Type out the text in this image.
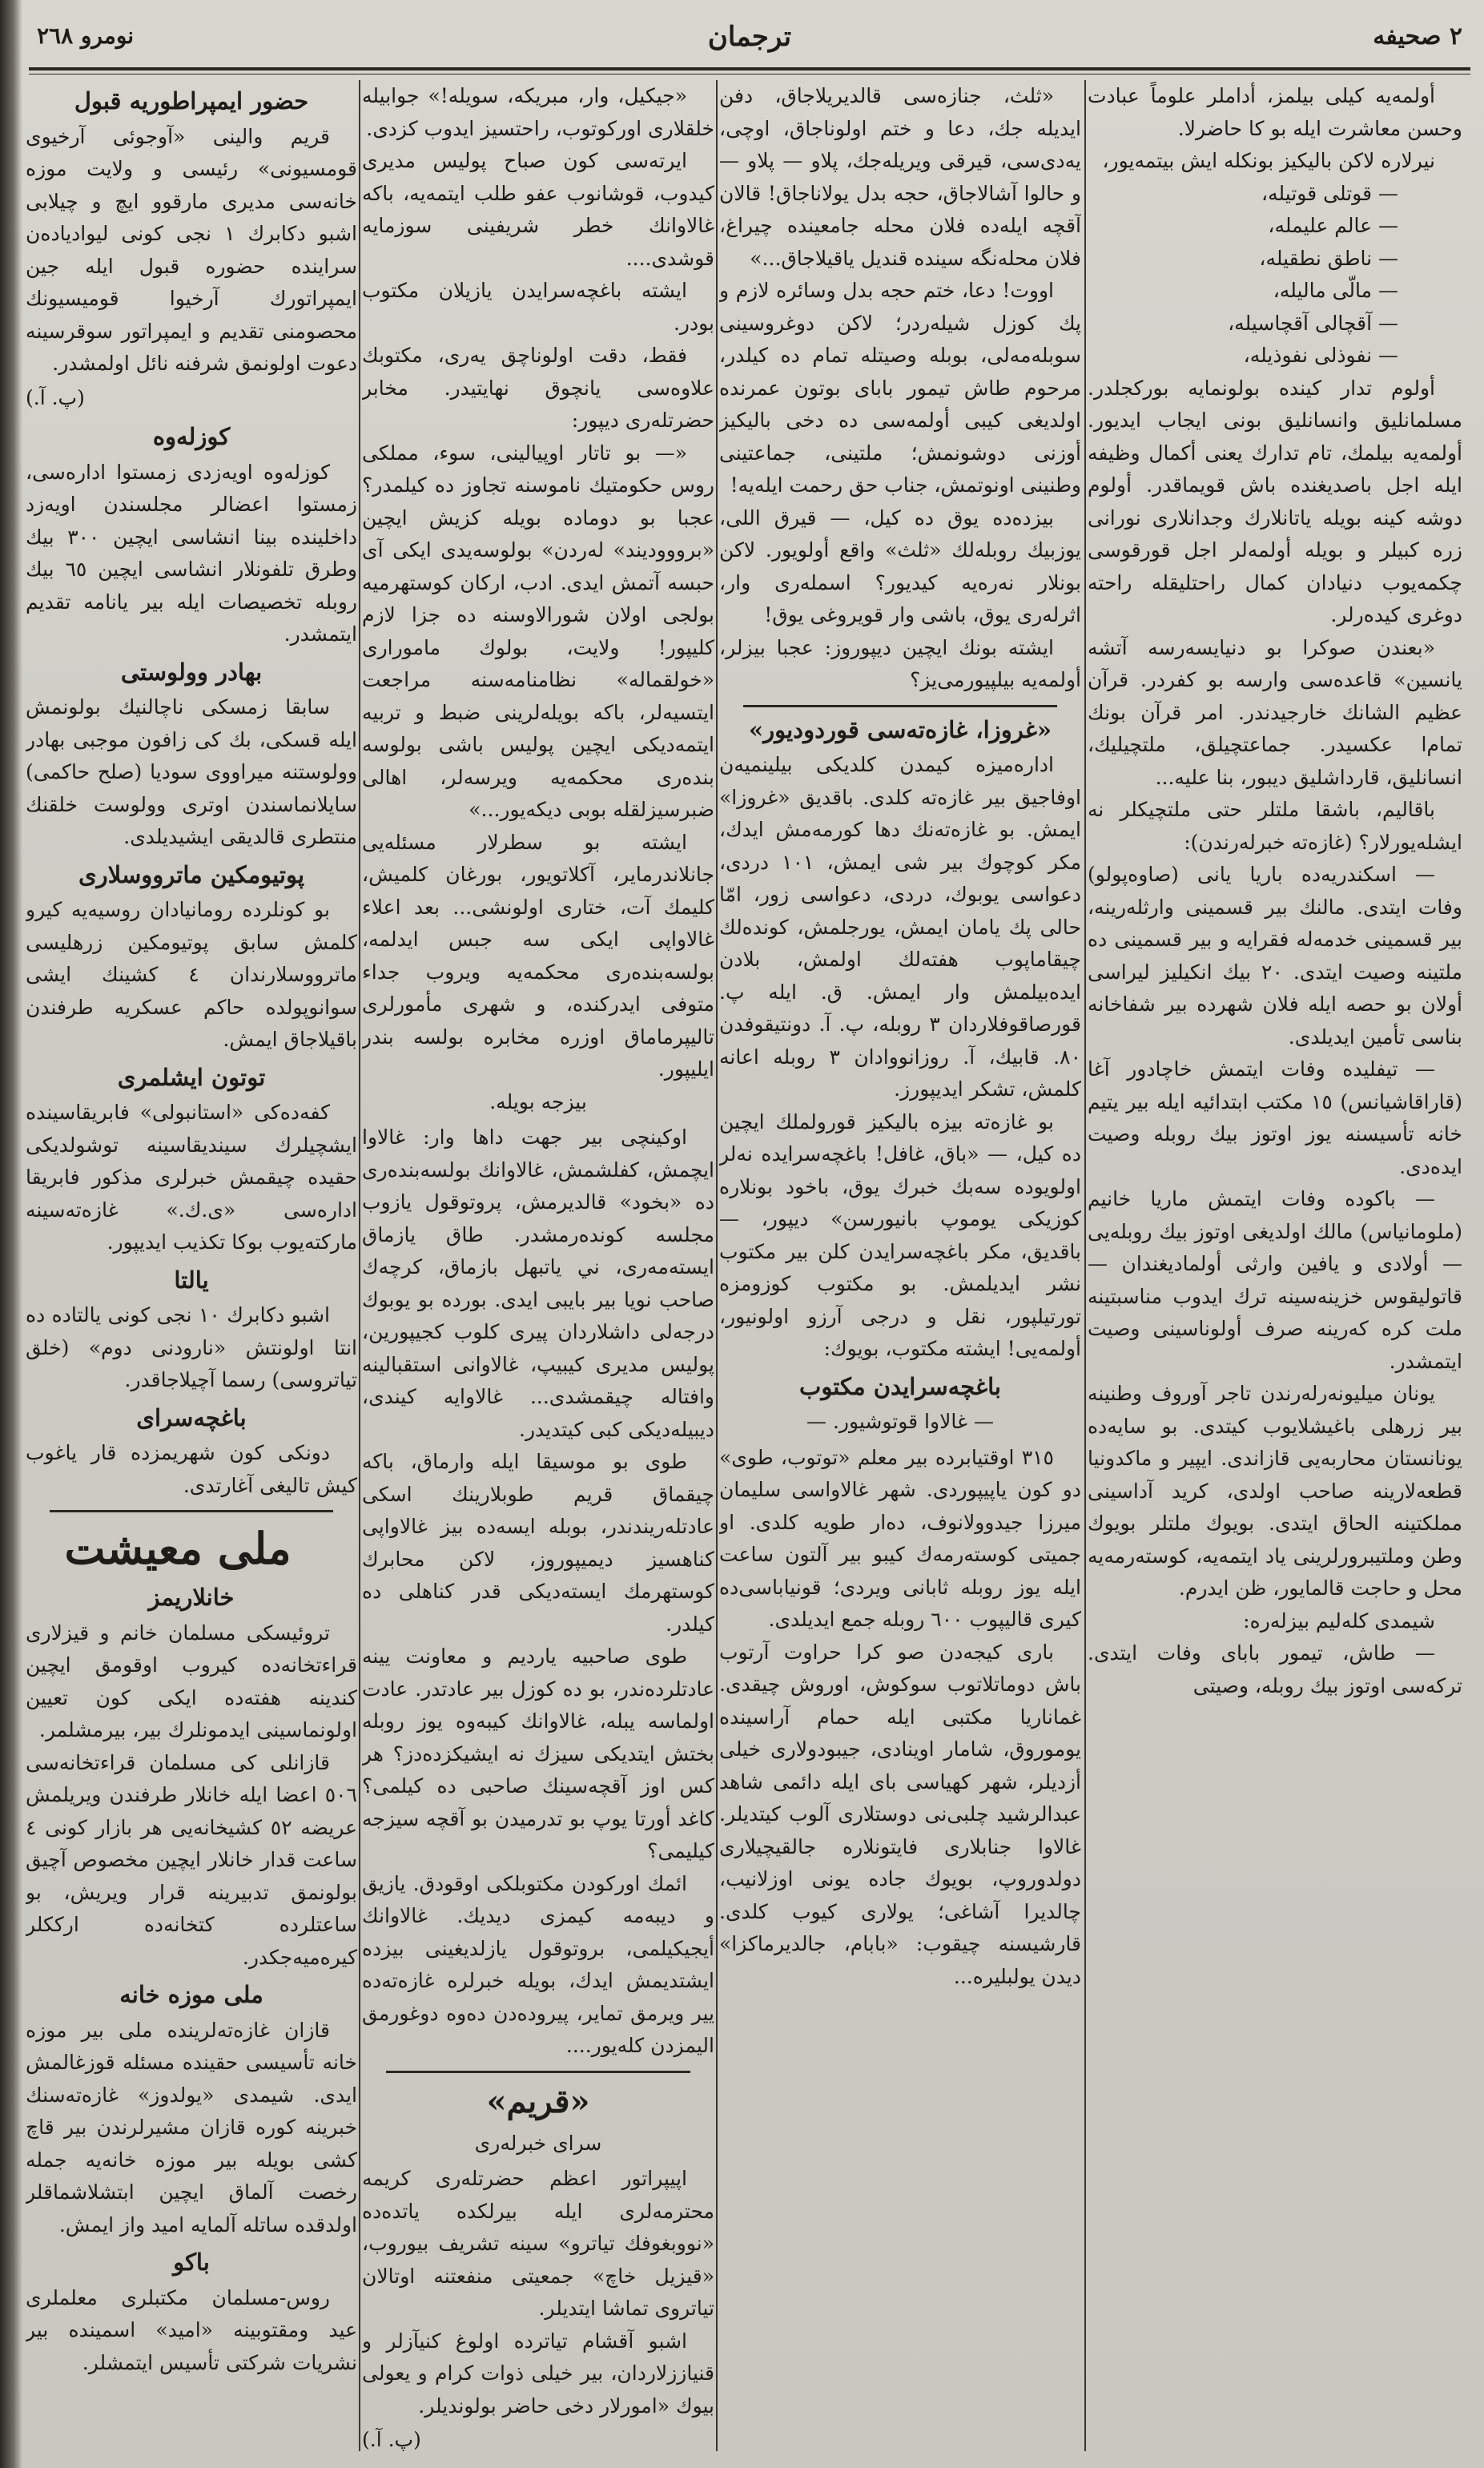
٢ صحيفه
ترجمان
نومرو ٢٦٨

أولمه‌يه كيلی بيلمز، أداملر علوماً عبادت وحسن معاشرت ايله بو كا حاضرلا.

نيرلاره لاكن باليكيز بونكله ايش بيتمه‌يور،

— قوتلی قوتيله،

— عالم عليمله،

— ناطق نطقيله،

— مالّی ماليله،

— آقچالی آقچاسيله،

— نفوذلی نفوذيله،

أولوم تدار كينده بولونمايه بوركجلدر. مسلمانليق وانسانليق بونی ايجاب ايديور. أولمه‌يه بيلمك، تام تدارك يعنی أكمال وظيفه ايله اجل باصديغنده باش قويماقدر. أولوم دوشه كينه بويله ياتانلارك وجدانلاری نورانی زره كبيلر و بويله أولمه‌لر اجل قورقوسی چكمه‌يوب دنيادان كمال راحتليقله راحته دوغری كيده‌رلر.

«بعندن صوكرا بو دنيا‌يسه‌رسه آتشه يانسين» قاعده‌سی وارسه بو كفردر. قرآن عظيم الشانك خارجيدندر. امر قرآن بونك تمام‌ا عكسيدر. جماعتچيلق، ملتچيليك، انسانليق، قارداشليق ديبور، بنا عليه...

باقاليم، باشقا ملتلر حتی ملتچيكلر نه ايشله‌يورلار؟ (غازه‌ته خبرله‌رندن):

— اسكندريه‌ده باريا يانی (صاوه‌پولو) وفات ايتدی. مالنك بير قسمينی وارثله‌رينه، بير قسمينی خدمه‌له فقرايه و بير قسمينی ده ملتينه وصيت ايتدی. ٢٠ بيك انكيليز ليراسی أولان بو حصه ايله فلان شهرده بير شفاخانه بناسی تأمين ايديلدی.

— تيفليده وفات ايتمش خاچادور آغا (قاراقاشيانس) ١٥ مكتب ابتدائيه ايله بير يتيم خانه تأسيسنه يوز اوتوز بيك روبله وصيت ايده‌دی.

— باكوده وفات ايتمش ماريا خانيم (ملومانياس) مالك اولديغی اوتوز بيك روبله‌يی — أولادی و يافين وارثی أولماديغندان — قاتوليقوس خزينه‌سينه ترك ايدوب مناسبتينه ملت كره كه‌رينه صرف أولوناسينی وصيت ايتمشدر.

يونان ميليونه‌رله‌رندن تاجر آوروف وطنينه بير زرهلی باغيشلايوب كيتدی. بو سايه‌ده يونانستان محاربه‌يی قازاندی. ايپير و ماكدونيا قطعه‌لارينه صاحب اولدی، كريد آداسينی مملكتينه الحاق ايتدی. بويوك ملتلر بويوك وطن وملتيبرورلرينی ياد ايتمه‌يه، كوسته‌رمه‌يه محل و حاجت قالمايور، ظن ايدرم.

شيمدی كله‌ليم بيزله‌ره:

— طاش، تيمور بابای وفات ايتدی. تركه‌سی اوتوز بيك روبله، وصيتی

«ثلث، جنازه‌سی قالديريلاجاق، دفن ايديله جك، دعا و ختم اولوناجاق، اوچی، يه‌دی‌سی، قيرقی ويريله‌جك، پلاو — پلاو — و حالوا آشالاجاق، حجه بدل يولاناجاق! قالان آقچه ايله‌ده فلان محله جامعينده چيراغ، فلان محله‌نگه سينده قنديل ياقيلاجاق...»

اووت! دعا، ختم حجه بدل وسائره لازم و پك كوزل شيله‌ردر؛ لاكن دوغروسينی سوبله‌مه‌لی، بوبله وصيتله تمام ده كيلدر، مرحوم طاش تيمور بابای بوتون عمرنده اولديغی كيبی أولمه‌سی ده دخی باليكيز أوزنی دوشونمش؛ ملتينی، جماعتينی وطنينی اونوتمش، جناب حق رحمت ايله‌يه!

بيزده‌ده يوق ده كيل، — قيرق اللی، يوزبيك روبله‌لك «ثلث» واقع أولويور. لاكن بونلار نه‌ره‌يه كيديور؟ اسمله‌ری وار، اثرله‌ری يوق، باشی وار قويروغی يوق!

ايشته بونك ايچين ديپوروز: عجبا بيزلر، أولمه‌يه بيلپيورمی‌يز؟

«غروزا، غازه‌ته‌سی قوردوديور»

اداره‌ميزه كيمدن كلديكی بيلينميه‌ن اوفاجيق بير غازه‌ته كلدی. باقديق «غروزا» ايمش. بو غازه‌ته‌نك دها كورمه‌مش ايدك، مكر كوچوك بير شی ايمش، ١٠١ دردی، دعواسی يوبوك، دردی، دعواسی زور، امّا حالی پك يامان ايمش، يورجلمش، كونده‌لك چيقاماپوب هفته‌لك اولمش، بلادن ايده‌بيلمش وار ايمش. ق. ايله پ. قورصاقوفلاردان ٣ روبله، پ. آ. دونتيقوفدن ٨٠. قابيك، آ. روزانووادان ٣ روبله اعانه كلمش، تشكر ايديپورز.

بو غازه‌ته بيزه باليكيز قورولملك ايچين ده كيل، — «باق، غافل! باغچه‌سرايده نه‌لر اولويوده سه‌بك خبرك يوق، باخود بونلاره كوزيكی يوموپ بانيورسن» ديپور، — باقديق، مكر باغچه‌سرايدن كلن بير مكتوب نشر ايديلمش. بو مكتوب كوزومزه تورتيلپور، نقل و درجی آرزو اولونيور، أولمه‌يی! ايشته مكتوب، بويوك:

باغچه‌سرايدن مكتوب

— غالاوا قوتوشيور. —

٣١٥ اوقتيابرده بير معلم «توتوب، طوی» دو كون ياپيپوردی. شهر غالاواسی سليمان ميرزا جيدوولانوف، ده‌ار طويه كلدی. او جميتی كوسته‌رمه‌ك كيبو بير آلتون ساعت ايله يوز روبله ثابانی ويردی؛ قونياباسی‌ده كيری قاليپوب ٦٠٠ روبله جمع ايديلدی.

باری كيجه‌دن صو كرا حراوت آرتوب باش دوماتلاتوب سوكوش، اوروش چيقدی. غماناريا مكتبی ايله حمام آراسينده يوموروق، شامار اوينادی، جيبودولارى خيلی أزديلر، شهر كهياسی بای ايله دائمی شاهد عبدالرشيد چلبی‌نی دوستلاری آلوب كيتديلر. غالاوا جنابلاری فايتونلاره جالقيچيلاری دولدوروپ، بويوك جاده يونی اوزلانيب، چالديرا آشاغی؛ يولاری كيوب كلدی. قارشيسنه چيقوب: «بابام، جالديرماكزا» ديدن يولبليره...

«جيكيل، وار، مبريكه، سويله!» جوابيله خلقلاری اوركوتوب، راحتسيز ايدوب كزدی.

ايرته‌سی كون صباح پوليس مديری كيدوب، قوشانوب عفو طلب ايتمه‌يه، باكه غالاوانك خطر شريفينی سوزمايه قوشدی....

ايشته باغچه‌سرايدن يازيلان مكتوب بودر.

فقط، دقت اولوناچق يه‌ری، مكتوبك علاوه‌سی يانچوق نهايتيدر. مخابر حضرتله‌ری ديپور:

«— بو تاتار اوپيالينی، سوء، مملكی روس حكومتيك ناموسنه تجاوز ده كيلمدر؟ عجبا بو دوماده بويله كزيش ايچين «بروووديند» له‌ردن» بولوسه‌يدی ايكی آی حبسه آتمش ايدی. ادب، اركان كوستهرميه بولجی اولان شورالاوسنه ده جزا لازم كليپور! ولايت، بولوك ماموراری «خولقماله» نظامنامه‌سنه مراجعت ايتسيه‌لر، باكه بويله‌لرينی ضبط و تربيه ايتمه‌ديكی ايچين پوليس باشی بولوسه بنده‌ری محكمه‌يه ويرسه‌لر، اهالی ضبرسيزلقله بوبی ديكه‌يور...»

ايشته بو سطرلار مسئله‌يی جانلاندرماير، آكلاتويور، بورغان كلميش، كليمك آت، ختاری اولونشی... بعد اعلاء غالاواپی ايكی سه جبس ايدلمه، بولسه‌بنده‌ری محكمه‌يه ويروب جداء متوفی ايدركنده، و شهری مأمورلری تاليپرماماق اوزره مخابره بولسه بندر ايليپور.

بيزجه بويله.

اوكينچی بير جهت داها وار: غالاوا ايچمش، كفلشمش، غالاوانك بولسه‌بنده‌ری ده «بخود» قالديرمش، پروتوقول يازوب مجلسه كونده‌رمشدر. طاق يازماق ايسته‌مه‌ری، ني ياتبهل بازماق، كرچه‌ك صاحب نويا بير بايبی ايدی. بورده بو يوبوك درجه‌لی داشلاردان پيری كلوب كجيپورين، پوليس مديری كيبيپ، غالاوانی استقبالينه وافتاله چيقمشدی... غالاوايه كيندی، ديبيله‌ديکی كبی كيتديدر.

طوی بو موسيقا ايله وارماق، باكه چيقماق قريم طوبلارينك اسكی عادتله‌ريندندر، بوبله ايسه‌ده بيز غالاواپی كناهسيز ديميپوروز، لاكن محابرك كوستهرمك ايسته‌ديكی قدر كناهلی ده كيلدر.

طوی صاحبيه يارديم و معاونت يينه عادتلرده‌ندر، بو ده كوزل بير عادتدر. عادت اولماسه يبله، غالاوانك كيبه‌وه يوز روبله بختش ايتديكی سيزك نه ايشيكزده‌دز؟ هر كس اوز آقچه‌سينك صاحبی ده كيلمی؟ كاغد أورتا يوپ بو تدرميدن بو آقچه سيزجه كيليمی؟

ائمك اوركودن مكتوبلكی اوقودق. يازيق و ديبه‌مه كيمزی ديديك. غالاوانك أيجيكيلمی، بروتوقول يازلديغينی بيزده ايشتديمش ايدك، بويله خبرلره غازه‌ته‌ده يير ويرمق تماير، پيروده‌دن ده‌وه دوغورمق اليمزدن كله‌يور....

«قريم»

سرای خبرله‌ری

اپيپراتور اعظم حضرتله‌ری كريمه محترمه‌لری ايله بيرلكده ياتده‌ده «نووبغوفك تياترو» سينه تشريف بيوروب، «قيزيل خاچ» جمعيتی منفعتنه اوتالان تياتروی تماشا ايتديلر.

اشبو آقشام تياترده اولوغ كنيآزلر و قنياززلاردان، بير خيلی ذوات كرام و يعولی بيوك «امورلار دخی حاضر بولونديلر.

(پ. آ.)

حضور ايمپراطوريه قبول

قريم والينی «آوجوئی آرخيوی قومسيونی» رئيسی و ولايت موزه خانه‌سی مديری مارقوو ايچ و چيلابی اشبو دكابرك ١ نجی كونی ليوادياده‌ن سراينده حضوره قبول ايله جين ايمپراتورك آرخيوا قوميسيونك محصومنی تقديم و ايمپراتور سوقرسينه دعوت اولونمق شرفنه نائل اولمشدر.

(پ. آ.)

كوزله‌وه

كوزله‌وه اويه‌زدی زمستوا اداره‌سی، زمستوا اعضالر مجلسندن اويه‌زد داخلينده بينا انشاسی ايچين ٣٠٠ بيك وطرق تلفونلار انشاسی ايچين ٦٥ بيك روبله تخصيصات ايله بير يانامه تقديم ايتمشدر.

بهادر وولوستی

سابقا زمسكی ناچالنيك بولونمش ايله قسكی، بك كی زافون موجبی بهادر وولوستنه ميراووی سوديا (صلح حاكمی) سايلانماسندن اوتری وولوست خلقنك منتطری قالديقی ايشيديلدی.

پوتيومكين ماترووسلارى

بو كونلرده رومانيادان روسيه‌يه كيرو كلمش سابق پوتيومكين زرهليسی ماترووسلارندان ٤ كشينك ايشی سوانوپولده حاكم عسكريه طرفندن باقيلاجاق ايمش.

توتون ايشلمری

كفه‌ده‌كی «استانبولی» فابريقاسينده ايشچيلرك سينديقاسينه توشولديكی حقيده چيقمش خبرلری مذكور فابريقا اداره‌سی «ى.ك.» غازه‌ته‌سينه ماركته‌يوب بوكا تكذيب ايديپور.

يالتا

اشبو دكابرك ١٠ نجی كونی يالتاده ده انتا اولونتش «نارودنی دوم» (خلق تياتروسی) رسما آچيلاجاقدر.

باغچه‌سرای

دونكی كون شهريمزده قار ياغوب كيش تاليغی آغارتدی.

ملی معيشت

خانلاريمز

تروئيسكی مسلمان خانم و قيزلاری قراءتخانه‌ده كيروب اوقومق ايچين كندينه هفته‌ده ايكی كون تعيين اولونماسينی ايدمونلرك بير، بيرمشلمر.

قازانلی كی مسلمان قراءتخانه‌سی ٥٠٦ اعضا ايله خانلار طرفندن ويريلمش عريضه ٥٢ كشيخانه‌يی هر بازار كونی ٤ ساعت قدار خانلار ايچين مخصوص آچيق بولونمق تدبيرينه قرار ويريش، بو ساعتلرده كتخانه‌ده ارككلر كيره‌ميه‌جكدر.

ملی موزه خانه

قازان غازه‌ته‌لرينده ملی بير موزه خانه تأسيسی حقينده مسئله قوزغالمش ايدی. شيمدی «يولدوز» غازه‌ته‌سنك خبرينه كوره قازان مشيرلرندن بير قاچ كشی بويله بير موزه خانه‌يه جمله رخصت آلماق ايچين ابتشلاشماقلر اولدقده ساتله آلمايه اميد واز ايمش.

باكو

روس-مسلمان مكتبلری معلملری عيد ومقتوبينه «اميد» اسمينده بير نشريات شركتی تأسيس ايتمشلر.
